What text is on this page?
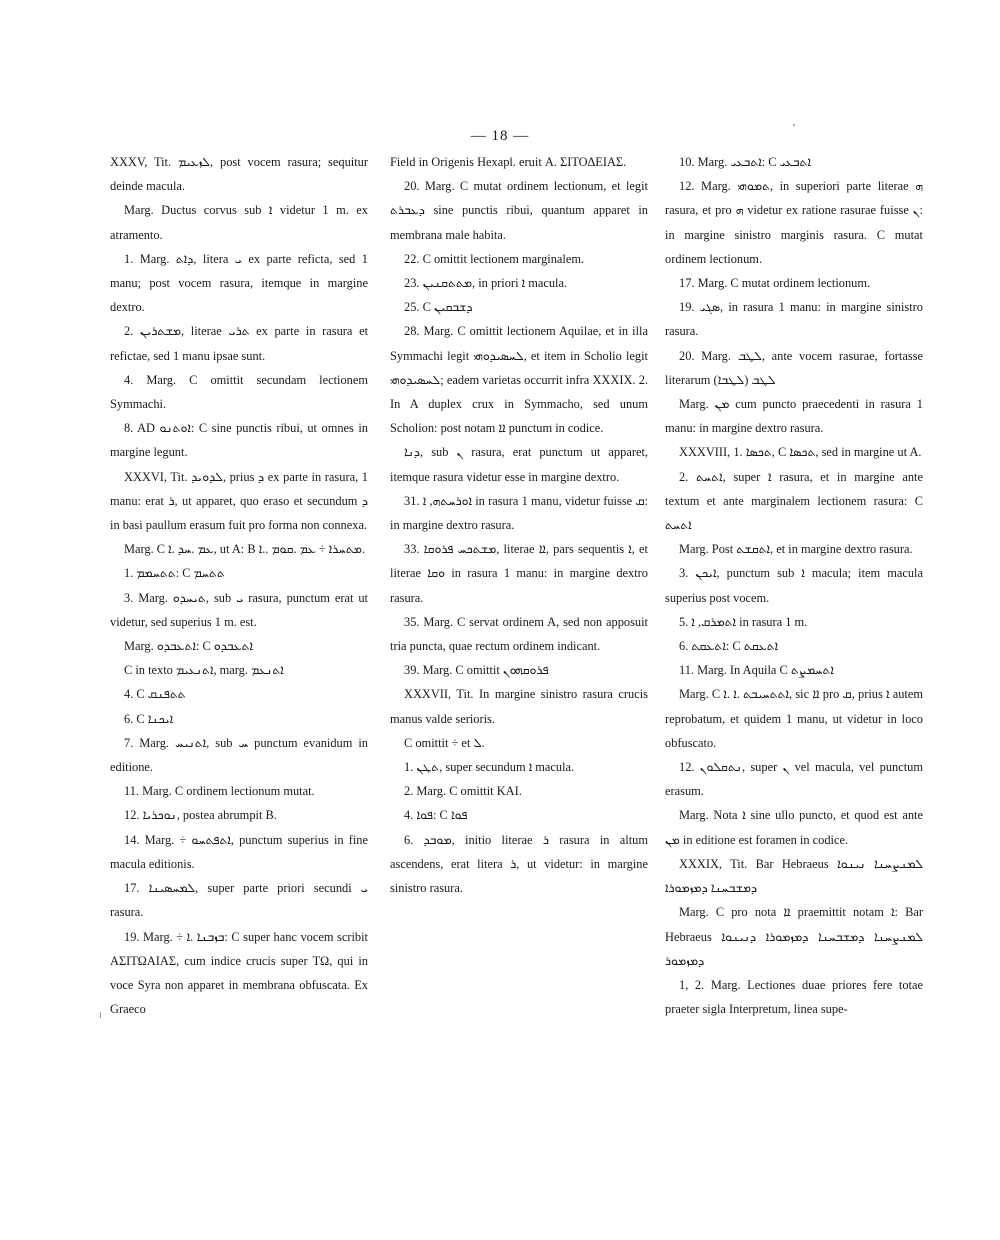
— 18 —

XXXV, Tit. ܠܙܥܝܡ, post vocem rasura; sequitur deinde macula.

Marg. Ductus corvus sub ܐ videtur 1 m. ex atramento.

1. Marg. ܕܐܬ, litera ܝ ex parte reficta, sed 1 manu; post vocem rasura, itemque in margine dextro.

2. ܡܫܬܪܝܢ, literae ܬܪܝ ex parte in rasura et refictae, sed 1 manu ipsae sunt.

4. Marg. C omittit secundam lectionem Symmachi.

8. AD ܐܘܬܢܘ: C sine punctis ribui, ut omnes in margine legunt.

XXXVI, Tit. ܠܕܘܝܕ, prius ܕ ex parte in rasura, 1 manu: erat ܪ, ut apparet, quo eraso et secundum ܕ in basi paullum erasum fuit pro forma non connexa.

Marg. C ܥܡ .ܚܕ .ܐ, ut A: B ܡܬܚܪܐ ÷ ܥܡ .ܩܘܡ ..ܐ.

1. ܬܬܚܡܡ: C ܬܬܚܡ

3. Marg. ܬܝܚܕܘ, sub ܝ rasura, punctum erat ut videtur, sed superius 1 m. est.

Marg. ܐܬܥܒܕܘ: C ܐܬܥܒܕܘ

C in texto ܐܬܢܥܝܡ, marg. ܐܬܢܥܡ

4. C ܬܬܦܢܩ

6. C ܐܝܟܢܐ

7. Marg. ܐܬܢܝܚ, sub ܚ punctum evanidum in editione.

11. Marg. C ordinem lectionum mutat.

12. ܢܘܟܪܝܐ, postea abrumpit B.

14. Marg. ÷ ܐܬܦܬܚܘ, punctum superius in fine macula editionis.

17. ܠܡܚܣܝܢܐ, super parte priori secundi ܝ rasura.

19. Marg. ÷ ܒܙܒܢܐ .ܐ: C super hanc vocem scribit ΑΣΙΤΩΑΙΑΣ, cum indice crucis super ΤΩ, qui in voce Syra non apparet in membrana obfuscata. Ex Graeco

Field in Origenis Hexapl. eruit Α. ΣΙΤΟΔΕΙΑΣ.

20. Marg. C mutat ordinem lectionum, et legit ܕܥܒܪܬ sine punctis ribui, quantum apparet in membrana male habita.

22. C omittit lectionem marginalem.

23. ܡܬܬܩܢܝܢ, in priori ܐ macula.

25. C ܕܫܒܩܝܢ

28. Marg. C omittit lectionem Aquilae, et in illa Symmachi legit ܠܚܣܝܕܘܗܝ, et item in Scholio legit ܠܚܣܝܕܘܗܝ; eadem varietas occurrit infra XXXIX. 2. In A duplex crux in Symmacho, sed unum Scholion: post notam ܐܐ punctum in codice.

ܕܢܐ, sub ܢ rasura, erat punctum ut apparet, itemque rasura videtur esse in margine dextro.

31. ܐܘܪܚܬܗ, ܐ in rasura 1 manu, videtur fuisse ܩ: in margine dextro rasura.

33. ܡܫܬܟܚ ܦܪܘܩܐ, literae ܐܐ, pars sequentis ܐ, et literae ܘܩܐ in rasura 1 manu: in margine dextro rasura.

35. Marg. C servat ordinem A, sed non apposuit tria puncta, quae rectum ordinem indicant.

39. Marg. C omittit ܦܪܘܩܗܘܢ

XXXVII, Tit. In margine sinistro rasura crucis manus valde serioris.

C omittit ÷ et ܠ.

1. ܬܛܢ, super secundum ܐ macula.

2. Marg. C omittit ΚΑΙ.

4. ܦܘܐ: C ܦܘܐ

6. ܡܘܒܕ, initio literae ܪ rasura in altum ascendens, erat litera ܪ, ut videtur: in margine sinistro rasura.

10. Marg. ܐܬܒܥܝ: C ܐܬܒܥܝ

12. Marg. ܬܡܘܗܝ, in superiori parte literae ܗ rasura, et pro ܗ videtur ex ratione rasurae fuisse ܢ: in margine sinistro marginis rasura. C mutat ordinem lectionum.

17. Marg. C mutat ordinem lectionum.

19. ܣܓܝ, in rasura 1 manu: in margine sinistro rasura.

20. Marg. ܠܛܒ, ante vocem rasurae, fortasse literarum ܠܛܒ (ܠܛܒܐ)

Marg. ܡܢ cum puncto praecedenti in rasura 1 manu: in margine dextro rasura.

XXXVIII, 1. ܬܟܣܐ, C ܬܟܣܐ, sed in margine ut A.

2. ܐܬܚܬ, super ܐ rasura, et in margine ante textum et ante marginalem lectionem rasura: C ܐܬܚܬ

Marg. Post ܐܬܩܫܬ, et in margine dextro rasura.

3. ܐܝܟܢ, punctum sub ܐ macula; item macula superius post vocem.

5. ܐܬܡܪܩ, ܐ in rasura 1 m.

6. ܐܬܥܩܬ: C ܐܬܥܩܬ

11. Marg. In Aquila C ܐܬܚܡܨܬ

Marg. C ܐܬܬܚܝܒܬ .ܐ .ܐ, sic ܐܐ pro ܩ, prius ܐ autem reprobatum, et quidem 1 manu, ut videtur in loco obfuscato.

12. ܢܬܩܠܘܢ, super ܢ vel macula, vel punctum erasum.

Marg. Nota ܐ sine ullo puncto, et quod est ante ܡܢ in editione est foramen in codice.

XXXIX, Tit. Bar Hebraeus ܠܡܢܨܚܢܐ ܢܝܢܘܐ ܕܡܫܒܚܢܐ ܕܡܙܡܘܪܐ

Marg. C pro nota ܐܐ praemittit notam ܐ: Bar Hebraeus ܠܡܢܨܚܢܐ ܕܡܫܒܚܢܐ ܕܡܙܡܘܪܐ ܕܢܝܢܘܐ ܕܡܙܡܘܪ

1, 2. Marg. Lectiones duae priores fere totae praeter sigla Interpretum, linea supe-
